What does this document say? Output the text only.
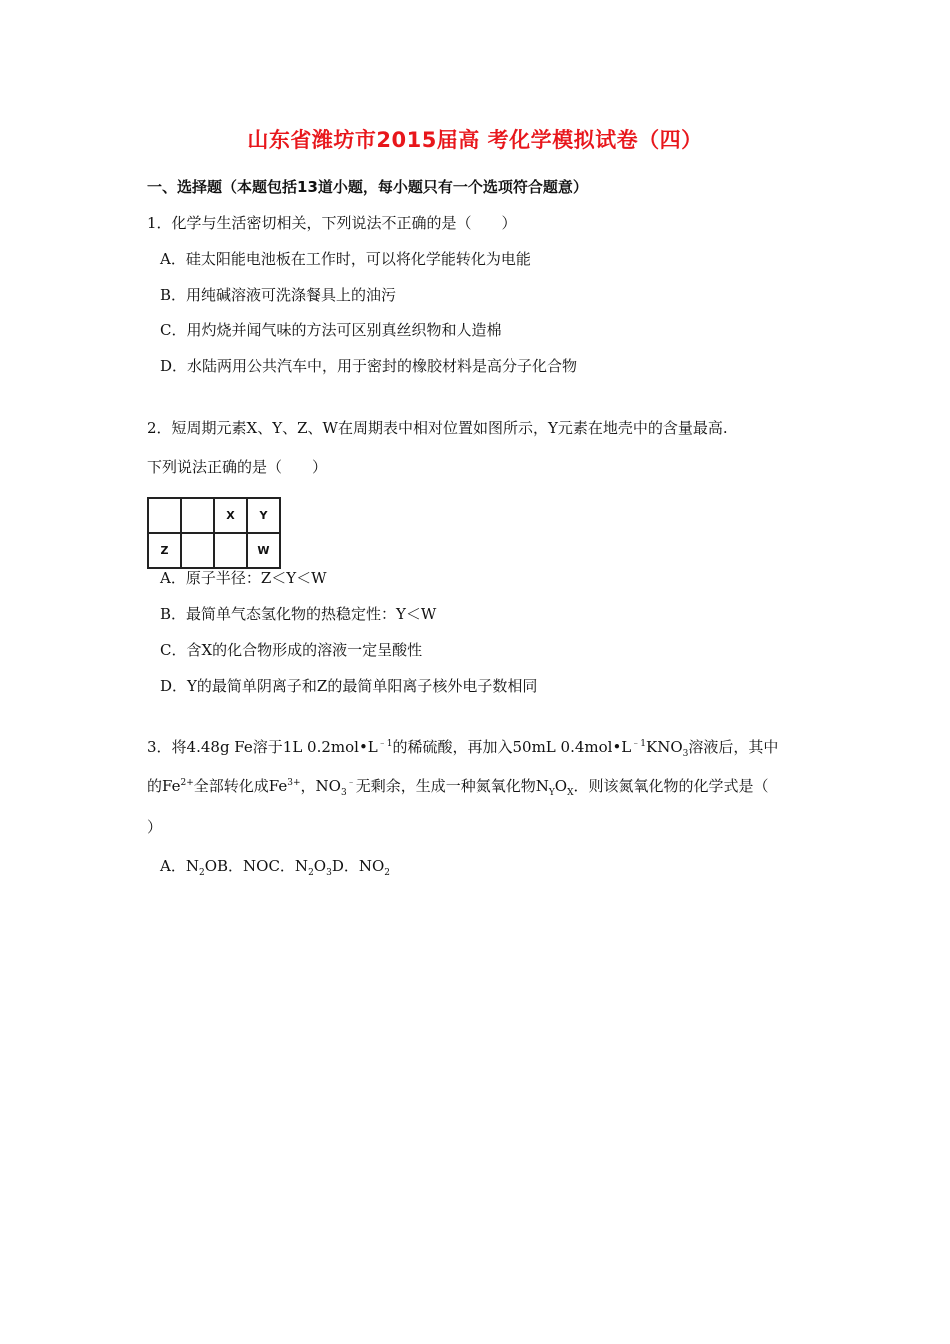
山东省潍坊市2015届高 考化学模拟试卷（四）
一、选择题（本题包括13道小题，每小题只有一个选项符合题意）
1．化学与生活密切相关，下列说法不正确的是（　　）
A．硅太阳能电池板在工作时，可以将化学能转化为电能
B．用纯碱溶液可洗涤餐具上的油污
C．用灼烧并闻气味的方法可区别真丝织物和人造棉
D．水陆两用公共汽车中，用于密封的橡胶材料是高分子化合物
2．短周期元素X、Y、Z、W在周期表中相对位置如图所示，Y元素在地壳中的含量最高.
下列说法正确的是（　　）
		X	Y
Z			W
A．原子半径：Z＜Y＜W
B．最简单气态氢化物的热稳定性：Y＜W
C．含X的化合物形成的溶液一定呈酸性
D．Y的最简单阴离子和Z的最简单阳离子核外电子数相同
3．将4.48g Fe溶于1L $0.2mol•L^{﹣1}$的稀硫酸，再加入50mL $0.4mol•L^{﹣1}KNO_3$溶液后，其中
的$Fe^{2+}$全部转化成$Fe^{3+}$，$NO_3^﹣$无剩余，生成一种氮氧化物$N_YO_X$．则该氮氧化物的化学式是（
）
A．$N_2OB$．NOC．$N_2O_3D$．$NO_2$
